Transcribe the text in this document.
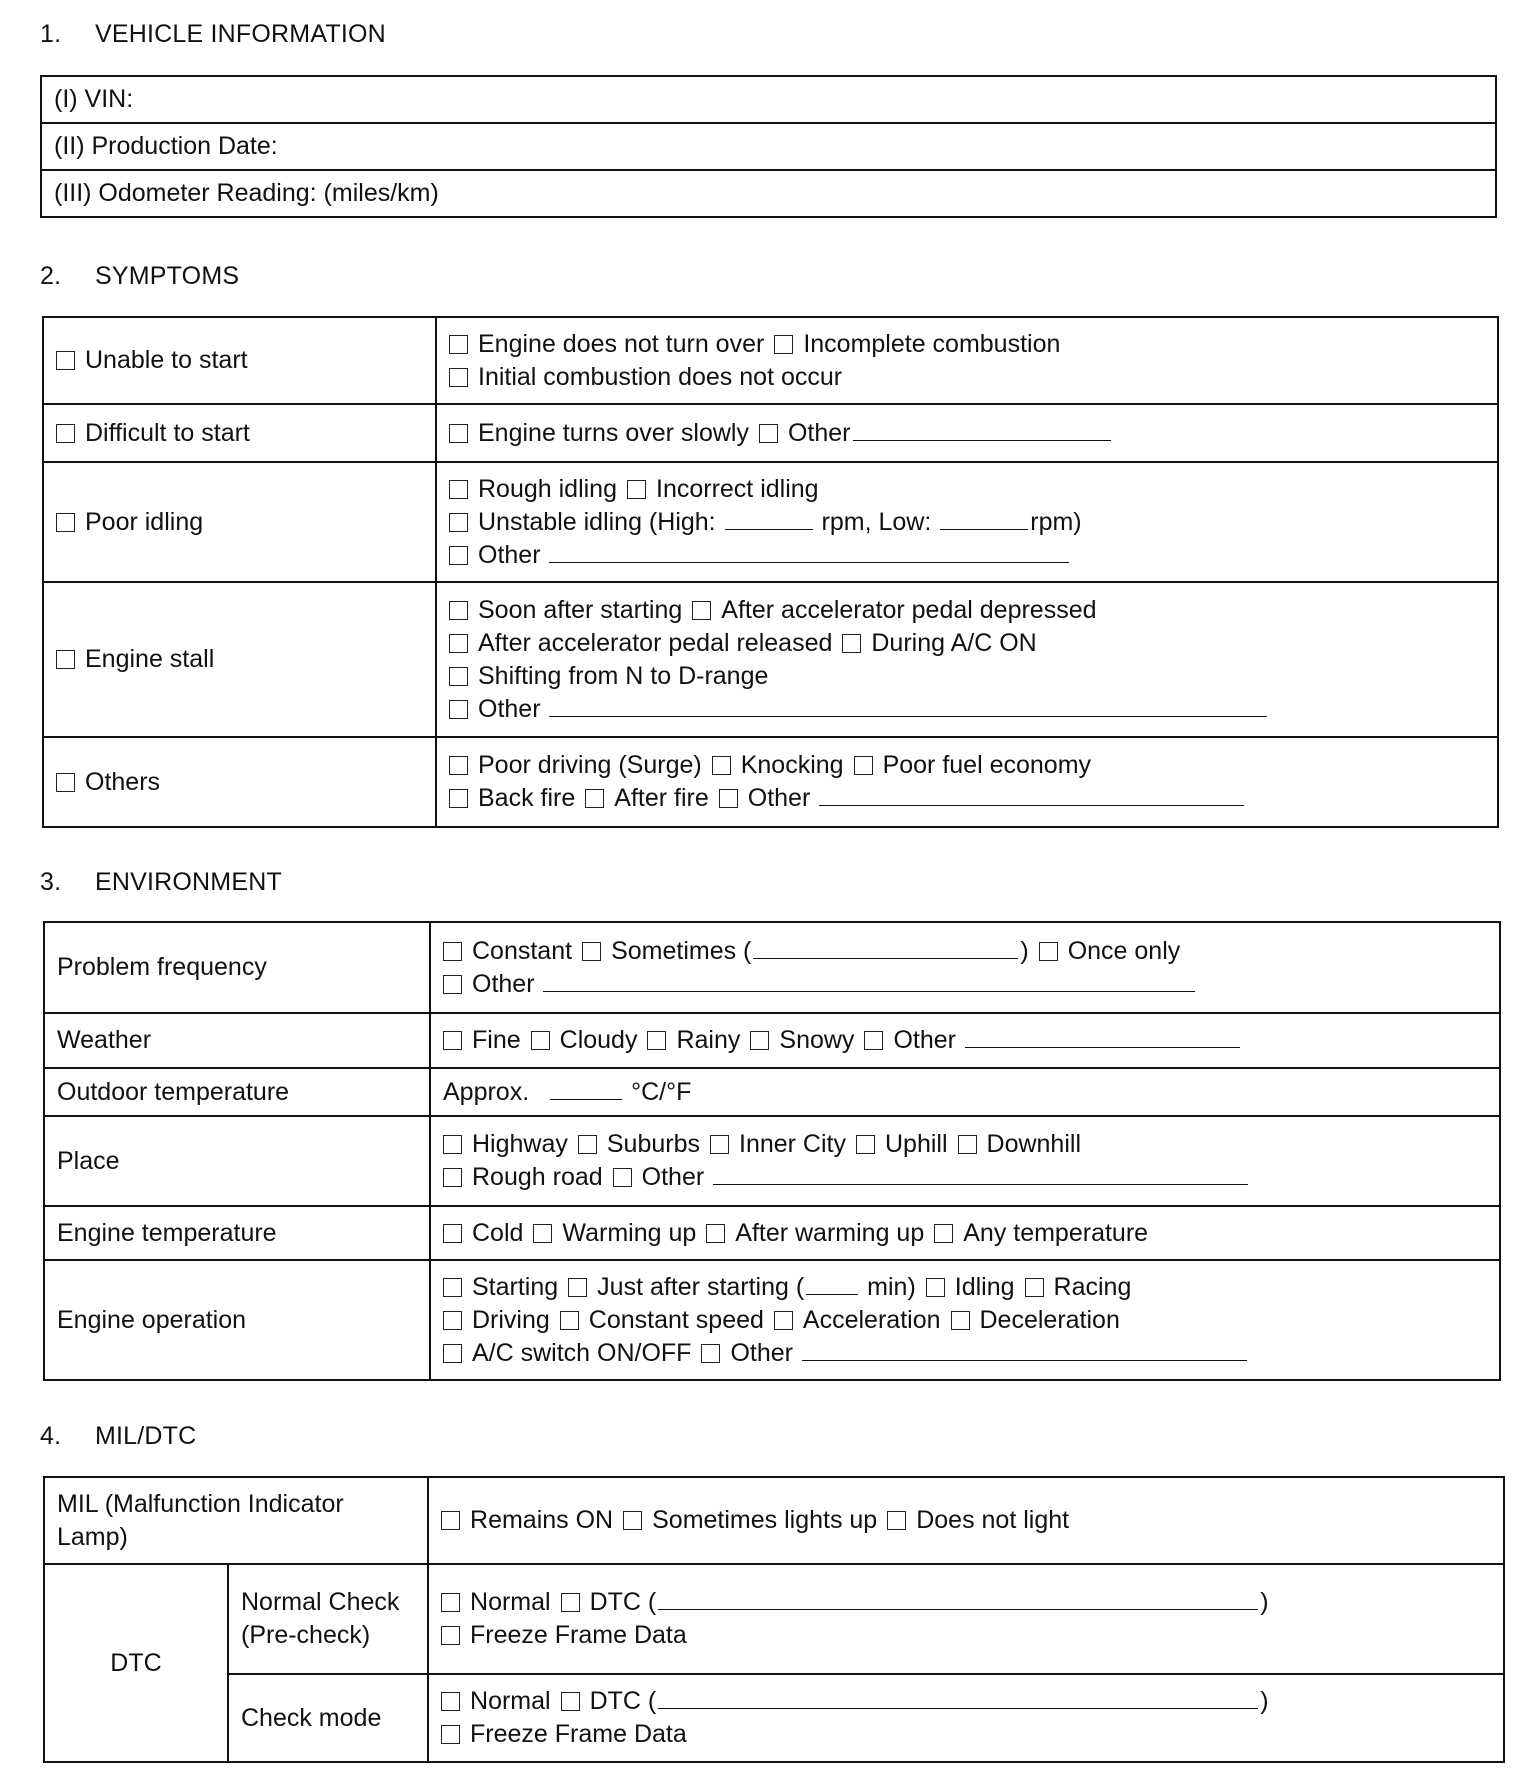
1. VEHICLE INFORMATION
(I) VIN:
(II) Production Date:
(III) Odometer Reading: (miles/km)
2. SYMPTOMS
Unable to start	Engine does not turn over Incomplete combustion
Initial combustion does not occur

Difficult to start	Engine turns over slowly Other

Poor idling	Rough idling Incorrect idling
Unstable idling (High: rpm, Low: rpm)
Other

Engine stall	Soon after starting After accelerator pedal depressed
After accelerator pedal released During A/C ON
Shifting from N to D-range
Other

Others	Poor driving (Surge) Knocking Poor fuel economy
Back fire After fire Other
3. ENVIRONMENT
Problem frequency	Constant Sometimes ( ) Once only
Other

Weather	Fine Cloudy Rainy Snowy Other

Outdoor temperature	Approx. °C/°F

Place	Highway Suburbs Inner City Uphill Downhill
Rough road Other

Engine temperature	Cold Warming up After warming up Any temperature

Engine operation	Starting Just after starting ( min) Idling Racing
Driving Constant speed Acceleration Deceleration
A/C switch ON/OFF Other
4. MIL/DTC
MIL (Malfunction Indicator Lamp)		Remains ON Sometimes lights up Does not light

DTC	Normal Check (Pre-check)	Normal DTC ( )
Freeze Frame Data

	Check mode	Normal DTC ( )
Freeze Frame Data
